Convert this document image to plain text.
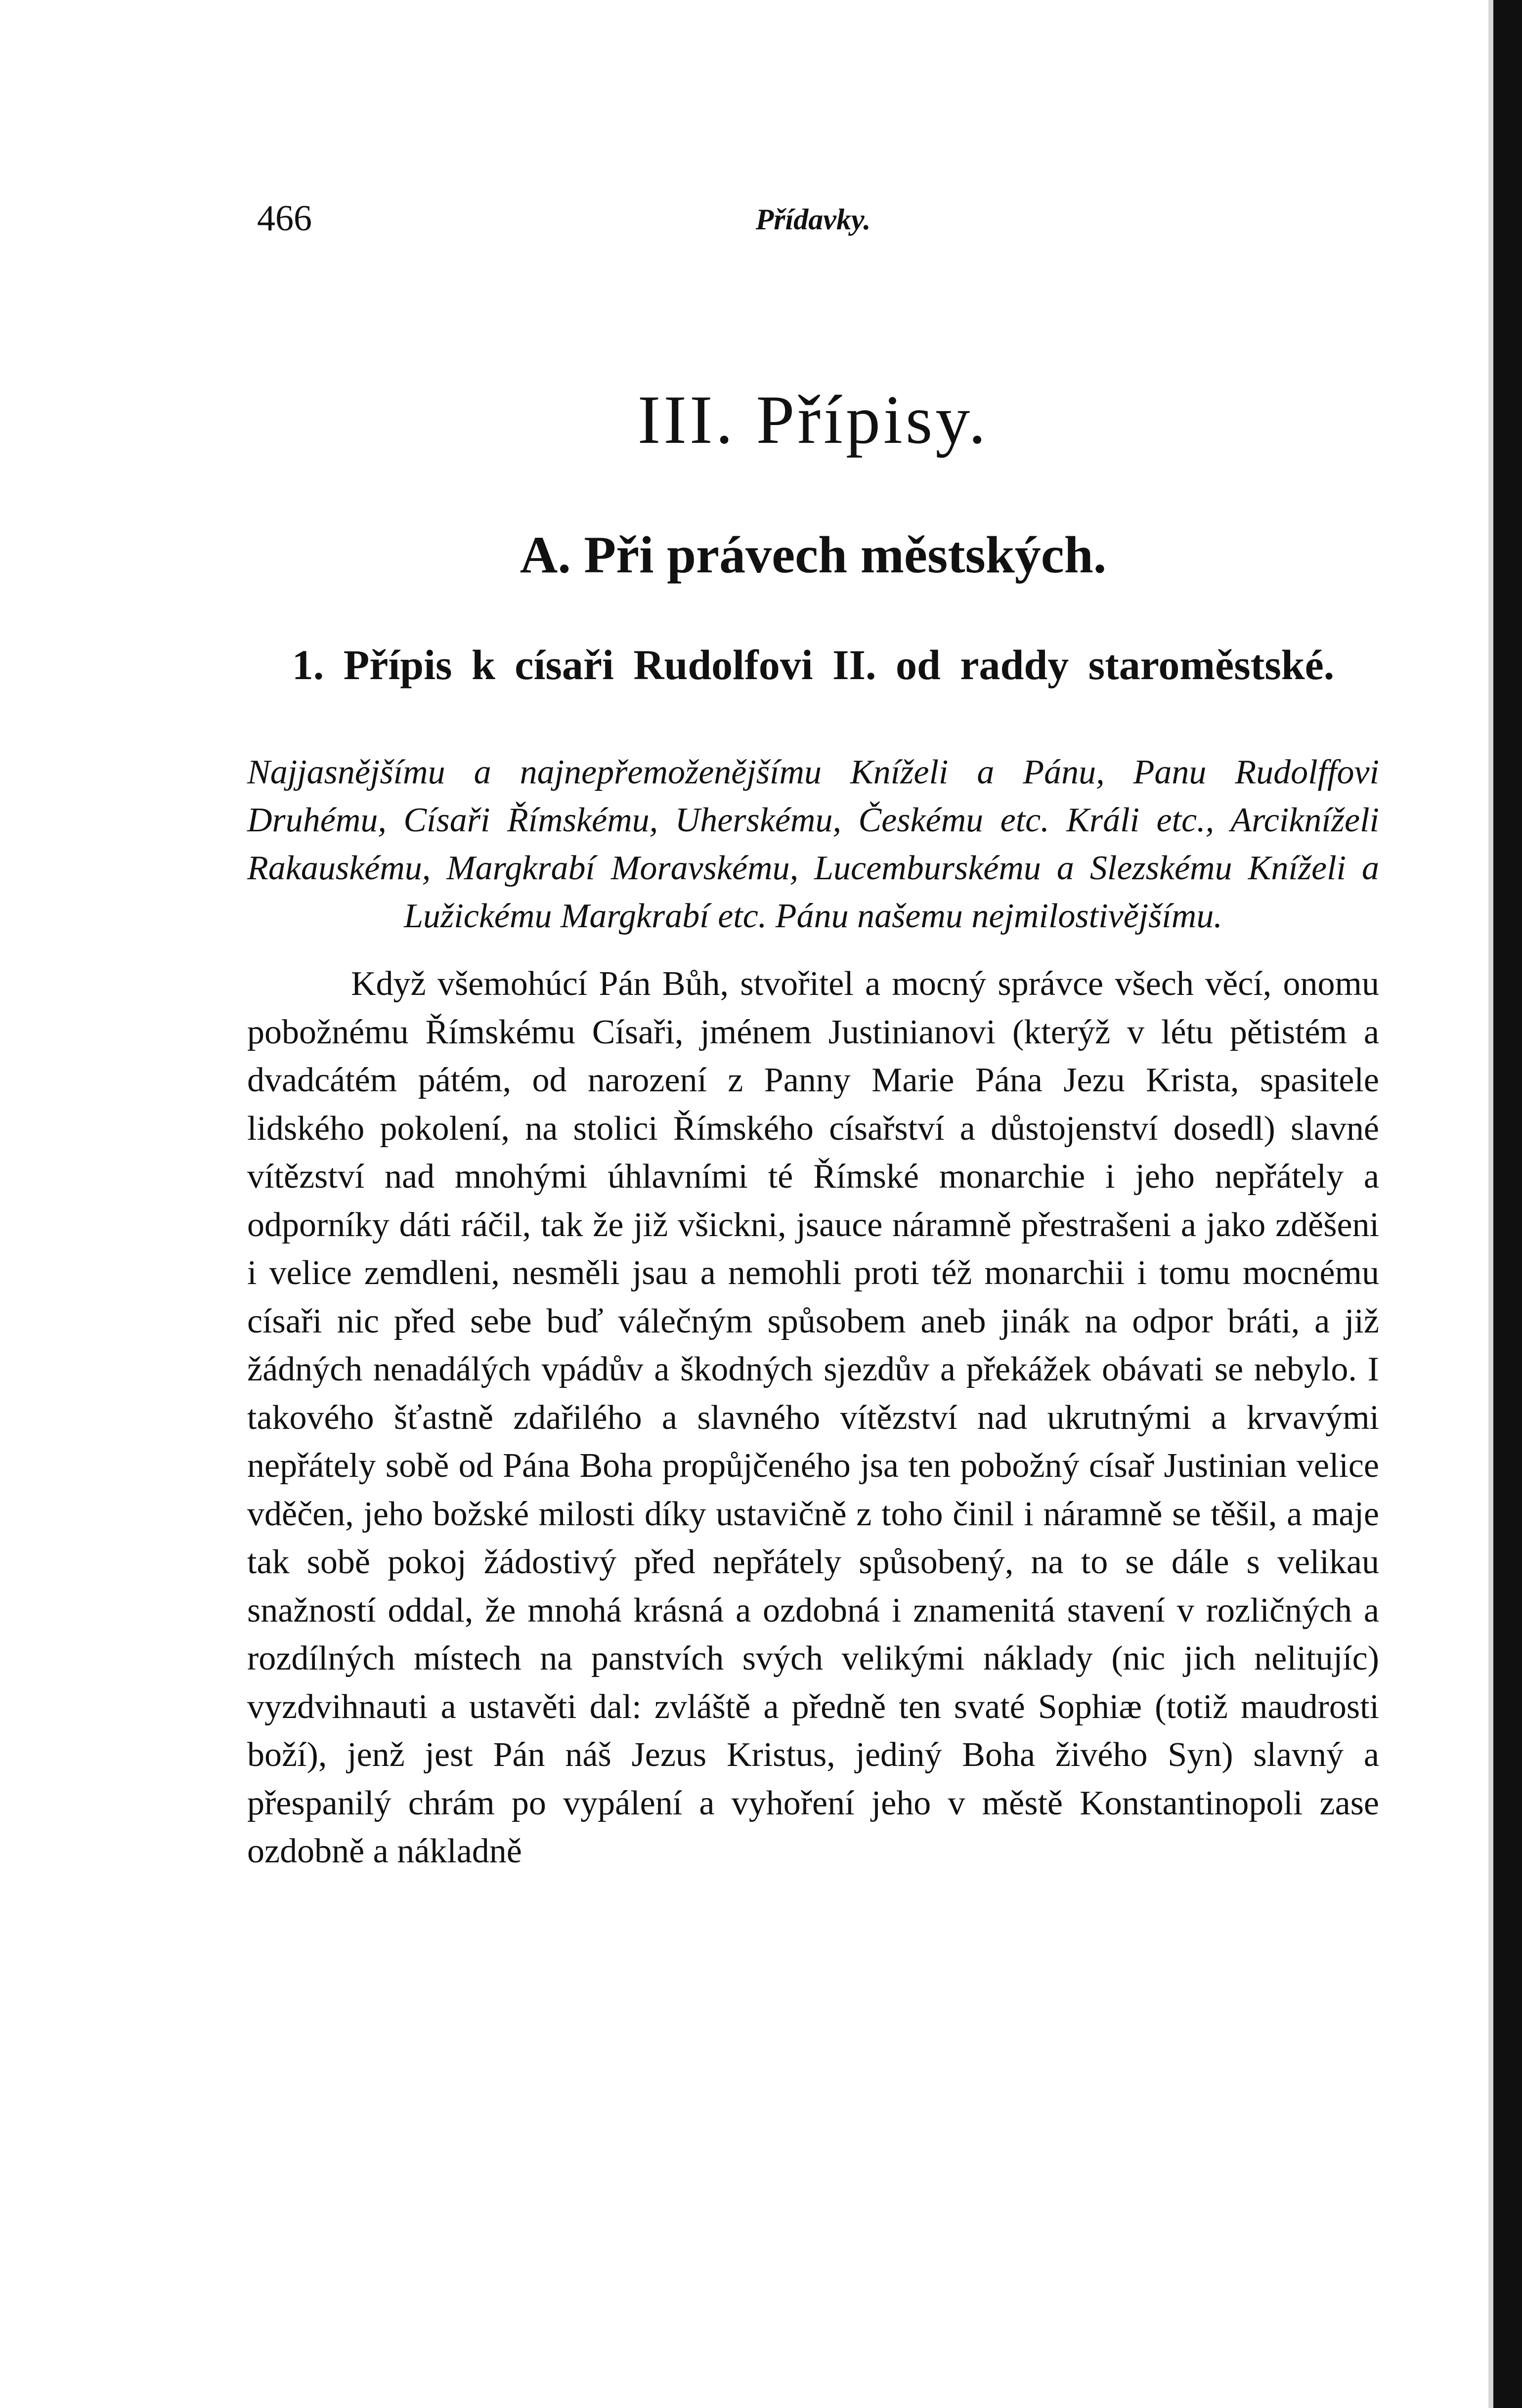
466	Přídavky.
III. Přípisy.
A. Při právech městských.
1. Přípis k císaři Rudolfovi II. od raddy staroměstské.
Najjasnějšímu a najnepřemoženějšímu Kníželi a Pánu, Panu Rudolffovi Druhému, Císaři Římskému, Uherskému, Českému etc. Králi etc., Arcikníželi Rakauskému, Margkrabí Moravskému, Lucemburskému a Slezskému Kníželi a Lužickému Margkrabí etc. Pánu našemu nejmilostivějšímu.

Když všemohúcí Pán Bůh, stvořitel a mocný správce všech věcí, onomu pobožnému Římskému Císaři, jménem Justinianovi (kterýž v létu pětistém a dvadcátém pátém, od narození z Panny Marie Pána Jezu Krista, spasitele lidského pokolení, na stolici Římského císařství a důstojenství dosedl) slavné vítězství nad mnohými úhlavními té Římské monarchie i jeho nepřátely a odporníky dáti ráčil, tak že již všickni, jsauce náramně přestrašeni a jako zděšeni i velice zemdleni, nesměli jsau a nemohli proti též monarchii i tomu mocnému císaři nic před sebe buď válečným spůsobem aneb jinák na odpor bráti, a již žádných nenadálých vpádův a škodných sjezdův a překážek obávati se nebylo. I takového šťastně zdařilého a slavného vítězství nad ukrutnými a krvavými nepřátely sobě od Pána Boha propůjčeného jsa ten pobožný císař Justinian velice vděčen, jeho božské milosti díky ustavičně z toho činil i náramně se těšil, a maje tak sobě pokoj žádostivý před nepřátely spůsobený, na to se dále s velikau snažností oddal, že mnohá krásná a ozdobná i znamenitá stavení v rozličných a rozdílných místech na panstvích svých velikými náklady (nic jich nelitujíc) vyzdvihnauti a ustavěti dal: zvláště a předně ten svaté Sophiæ (totiž maudrosti boží), jenž jest Pán náš Jezus Kristus, jediný Boha živého Syn) slavný a přespanilý chrám po vypálení a vyhoření jeho v městě Konstantinopoli zase ozdobně a nákladně
